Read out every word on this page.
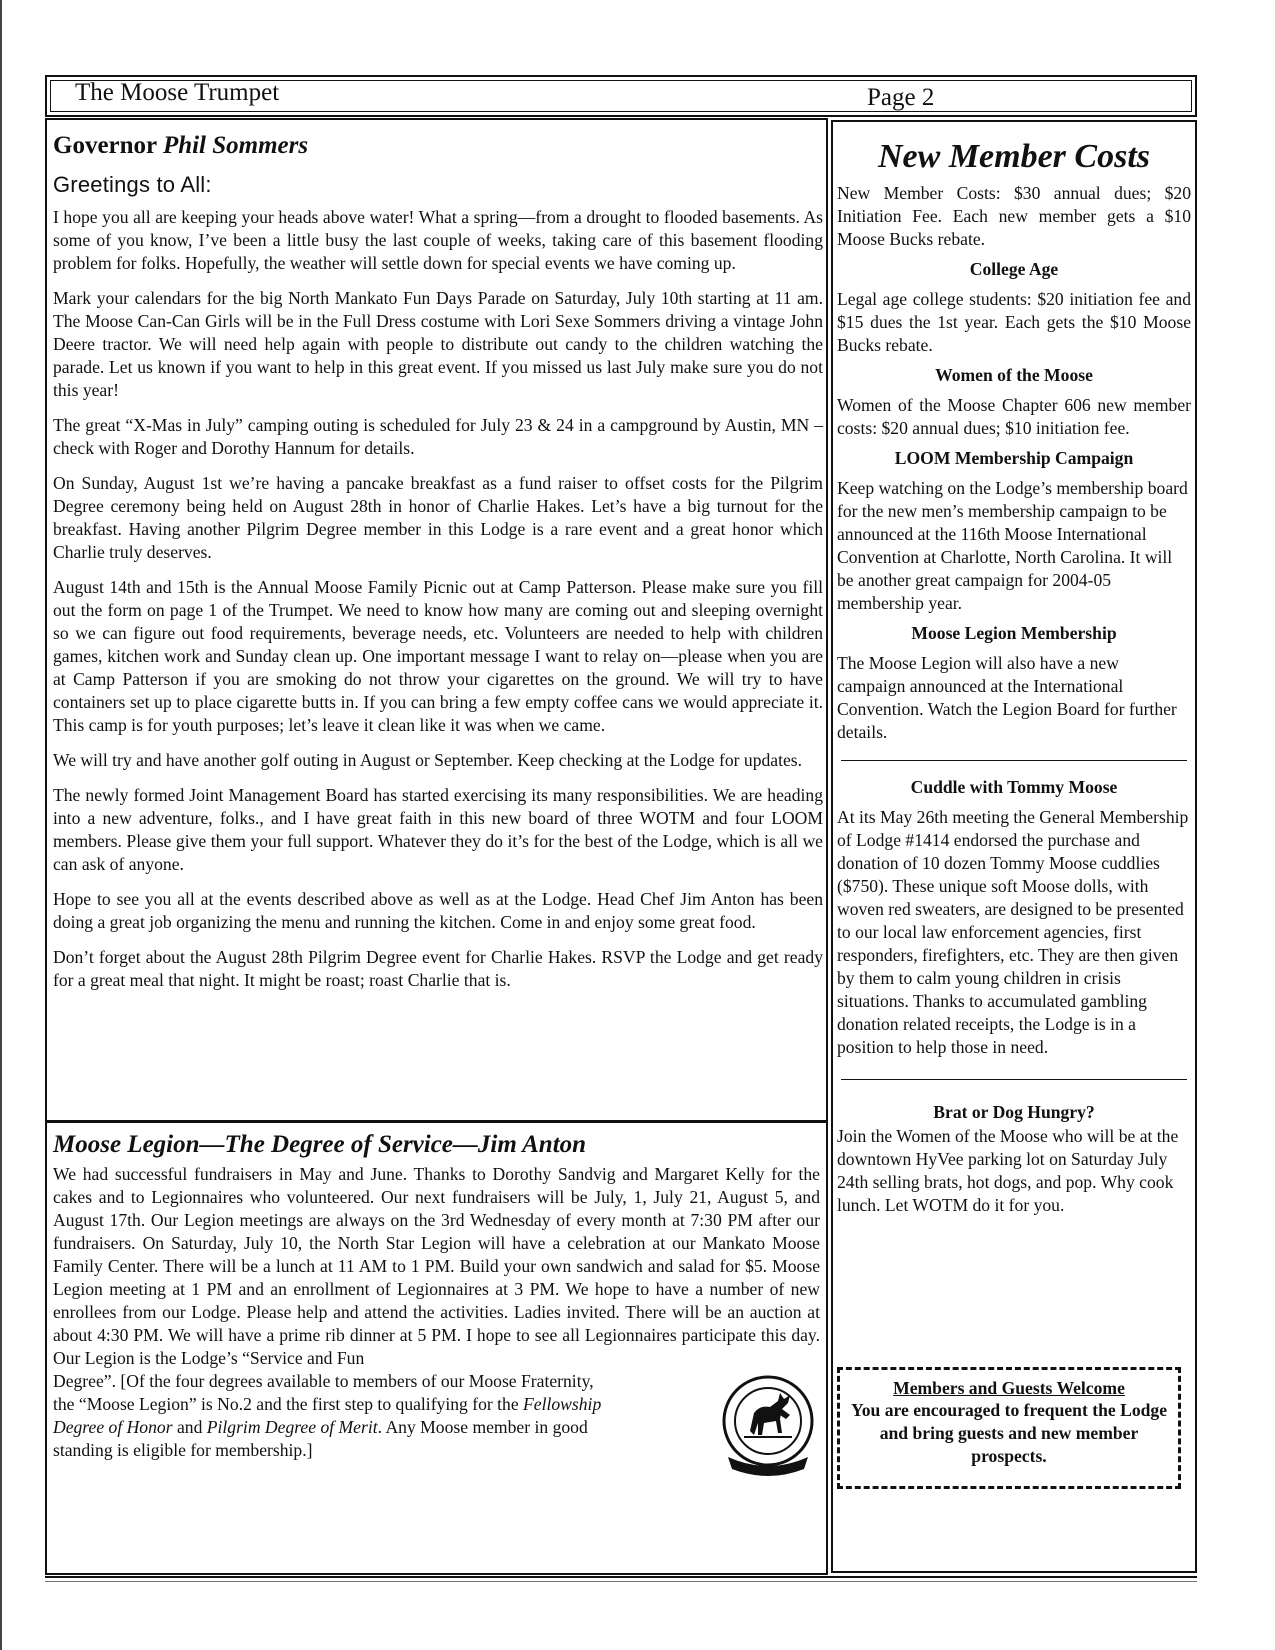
The Moose Trumpet	Page 2
Governor Phil Sommers
Greetings to All:

I hope you all are keeping your heads above water! What a spring—from a drought to flooded basements. As some of you know, I’ve been a little busy the last couple of weeks, taking care of this basement flooding problem for folks. Hopefully, the weather will settle down for special events we have coming up.

Mark your calendars for the big North Mankato Fun Days Parade on Saturday, July 10th starting at 11 am. The Moose Can-Can Girls will be in the Full Dress costume with Lori Sexe Sommers driving a vintage John Deere tractor. We will need help again with people to distribute out candy to the children watching the parade. Let us known if you want to help in this great event. If you missed us last July make sure you do not this year!

The great “X-Mas in July” camping outing is scheduled for July 23 & 24 in a campground by Austin, MN – check with Roger and Dorothy Hannum for details.

On Sunday, August 1st we’re having a pancake breakfast as a fund raiser to offset costs for the Pilgrim Degree ceremony being held on August 28th in honor of Charlie Hakes. Let’s have a big turnout for the breakfast. Having another Pilgrim Degree member in this Lodge is a rare event and a great honor which Charlie truly deserves.

August 14th and 15th is the Annual Moose Family Picnic out at Camp Patterson. Please make sure you fill out the form on page 1 of the Trumpet. We need to know how many are coming out and sleeping overnight so we can figure out food requirements, beverage needs, etc. Volunteers are needed to help with children games, kitchen work and Sunday clean up. One important message I want to relay on—please when you are at Camp Patterson if you are smoking do not throw your cigarettes on the ground. We will try to have containers set up to place cigarette butts in. If you can bring a few empty coffee cans we would appreciate it. This camp is for youth purposes; let’s leave it clean like it was when we came.

We will try and have another golf outing in August or September. Keep checking at the Lodge for updates.

The newly formed Joint Management Board has started exercising its many responsibilities. We are heading into a new adventure, folks., and I have great faith in this new board of three WOTM and four LOOM members. Please give them your full support. Whatever they do it’s for the best of the Lodge, which is all we can ask of anyone.

Hope to see you all at the events described above as well as at the Lodge. Head Chef Jim Anton has been doing a great job organizing the menu and running the kitchen. Come in and enjoy some great food.

Don’t forget about the August 28th Pilgrim Degree event for Charlie Hakes. RSVP the Lodge and get ready for a great meal that night. It might be roast; roast Charlie that is.

Moose Legion—The Degree of Service—Jim Anton
We had successful fundraisers in May and June. Thanks to Dorothy Sandvig and Margaret Kelly for the cakes and to Legionnaires who volunteered. Our next fundraisers will be July, 1, July 21, August 5, and August 17th. Our Legion meetings are always on the 3rd Wednesday of every month at 7:30 PM after our fundraisers. On Saturday, July 10, the North Star Legion will have a celebration at our Mankato Moose Family Center. There will be a lunch at 11 AM to 1 PM. Build your own sandwich and salad for $5. Moose Legion meeting at 1 PM and an enrollment of Legionnaires at 3 PM. We hope to have a number of new enrollees from our Lodge. Please help and attend the activities. Ladies invited. There will be an auction at about 4:30 PM. We will have a prime rib dinner at 5 PM. I hope to see all Legionnaires participate this day. Our Legion is the Lodge’s “Service and Fun
Degree”. [Of the four degrees available to members of our Moose Fraternity,
the “Moose Legion” is No.2 and the first step to qualifying for the Fellowship
Degree of Honor and Pilgrim Degree of Merit. Any Moose member in good
standing is eligible for membership.]
New Member Costs

New Member Costs: $30 annual dues; $20 Initiation Fee. Each new member gets a $10 Moose Bucks rebate.

College Age

Legal age college students: $20 initiation fee and $15 dues the 1st year. Each gets the $10 Moose Bucks rebate.

Women of the Moose

Women of the Moose Chapter 606 new member costs: $20 annual dues; $10 initiation fee.

LOOM Membership Campaign

Keep watching on the Lodge’s membership board for the new men’s membership campaign to be announced at the 116th Moose International Convention at Charlotte, North Carolina. It will be another great campaign for 2004-05 membership year.

Moose Legion Membership

The Moose Legion will also have a new campaign announced at the International Convention. Watch the Legion Board for further details.

Cuddle with Tommy Moose

At its May 26th meeting the General Membership of Lodge #1414 endorsed the purchase and donation of 10 dozen Tommy Moose cuddlies ($750). These unique soft Moose dolls, with woven red sweaters, are designed to be presented to our local law enforcement agencies, first responders, firefighters, etc. They are then given by them to calm young children in crisis situations. Thanks to accumulated gambling donation related receipts, the Lodge is in a position to help those in need.

Brat or Dog Hungry?

Join the Women of the Moose who will be at the downtown HyVee parking lot on Saturday July 24th selling brats, hot dogs, and pop. Why cook lunch. Let WOTM do it for you.

Members and Guests Welcome
You are encouraged to frequent the Lodge and bring guests and new member prospects.
